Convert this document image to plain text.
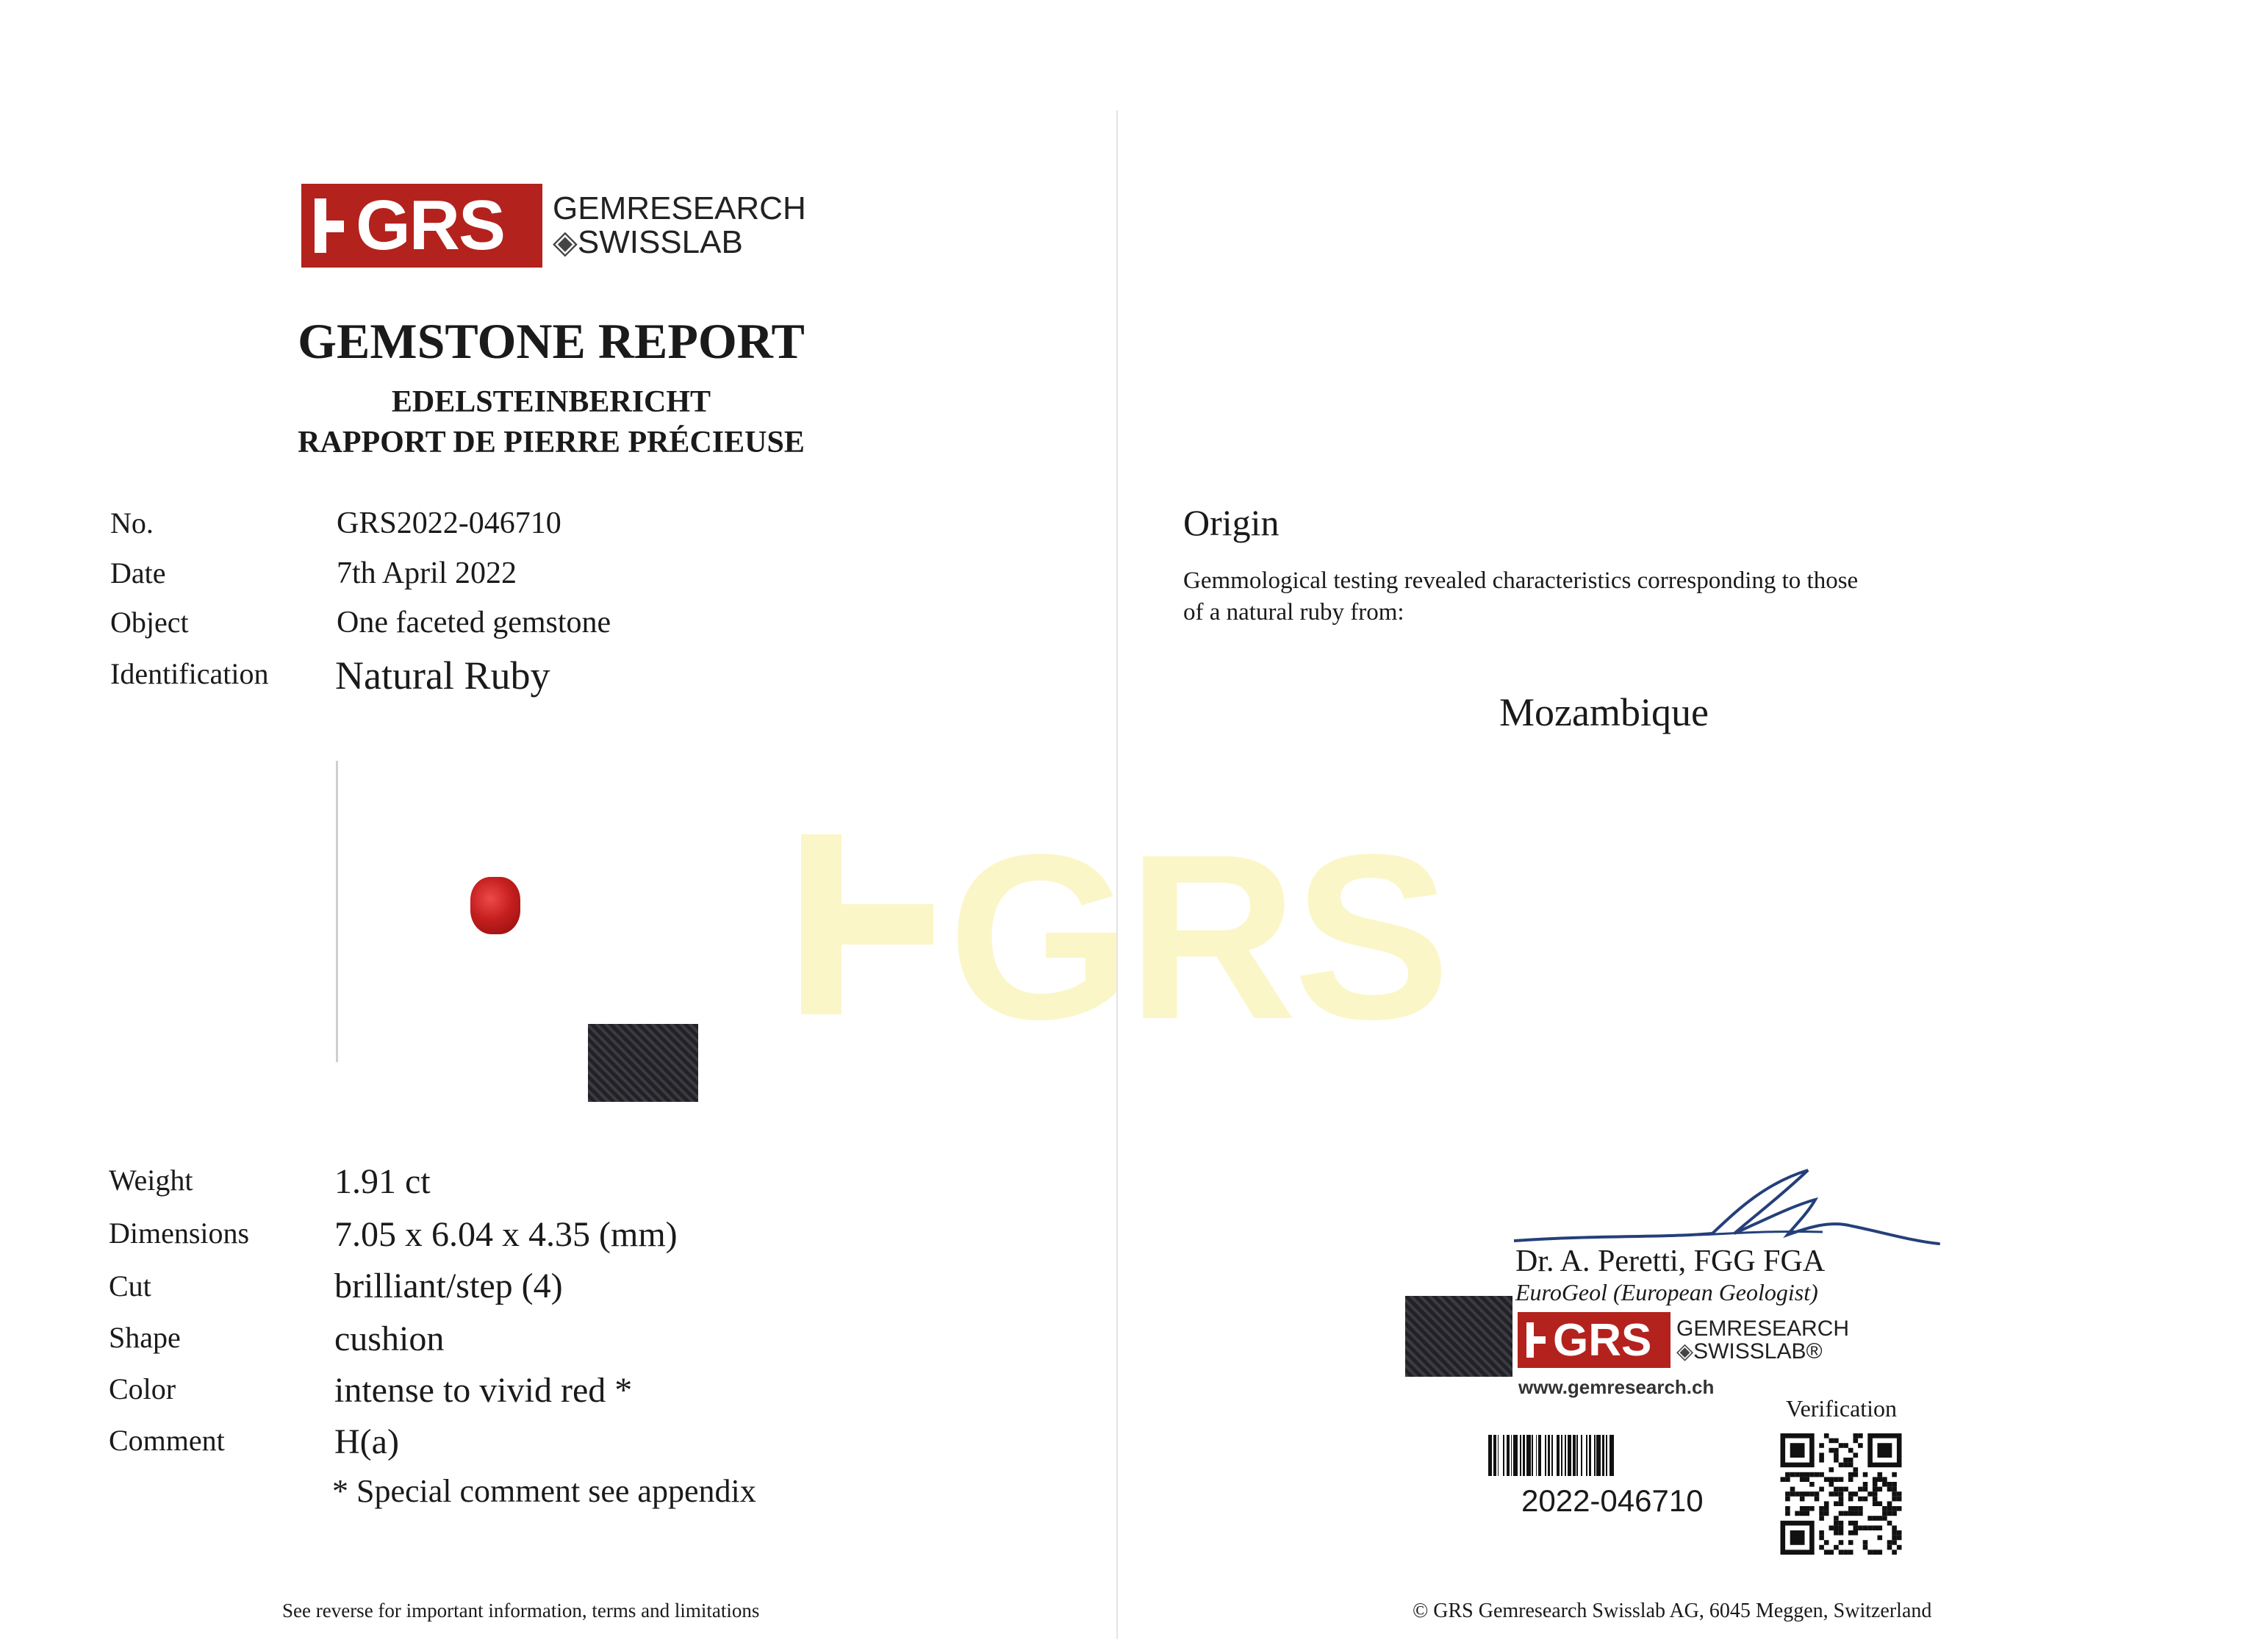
GRS
GRS GEMRESEARCH
◈SWISSLAB
GEMSTONE REPORT
EDELSTEINBERICHT
RAPPORT DE PIERRE PRÉCIEUSE
No.	GRS2022-046710
Date	7th April 2022
Object	One faceted gemstone
Identification Natural Ruby
Weight	1.91 ct
Dimensions 7.05 x 6.04 x 4.35 (mm)
Cut	brilliant/step (4)
Shape	cushion
Color	intense to vivid red *
Comment	H(a)
* Special comment see appendix
See reverse for important information, terms and limitations
Origin
Gemmological testing revealed characteristics corresponding to those
of a natural ruby from:
Mozambique
Dr. A. Peretti, FGG FGA
EuroGeol (European Geologist)
GRS GEMRESEARCH
◈SWISSLAB®
www.gemresearch.ch
Verification
2022-046710
© GRS Gemresearch Swisslab AG, 6045 Meggen, Switzerland
